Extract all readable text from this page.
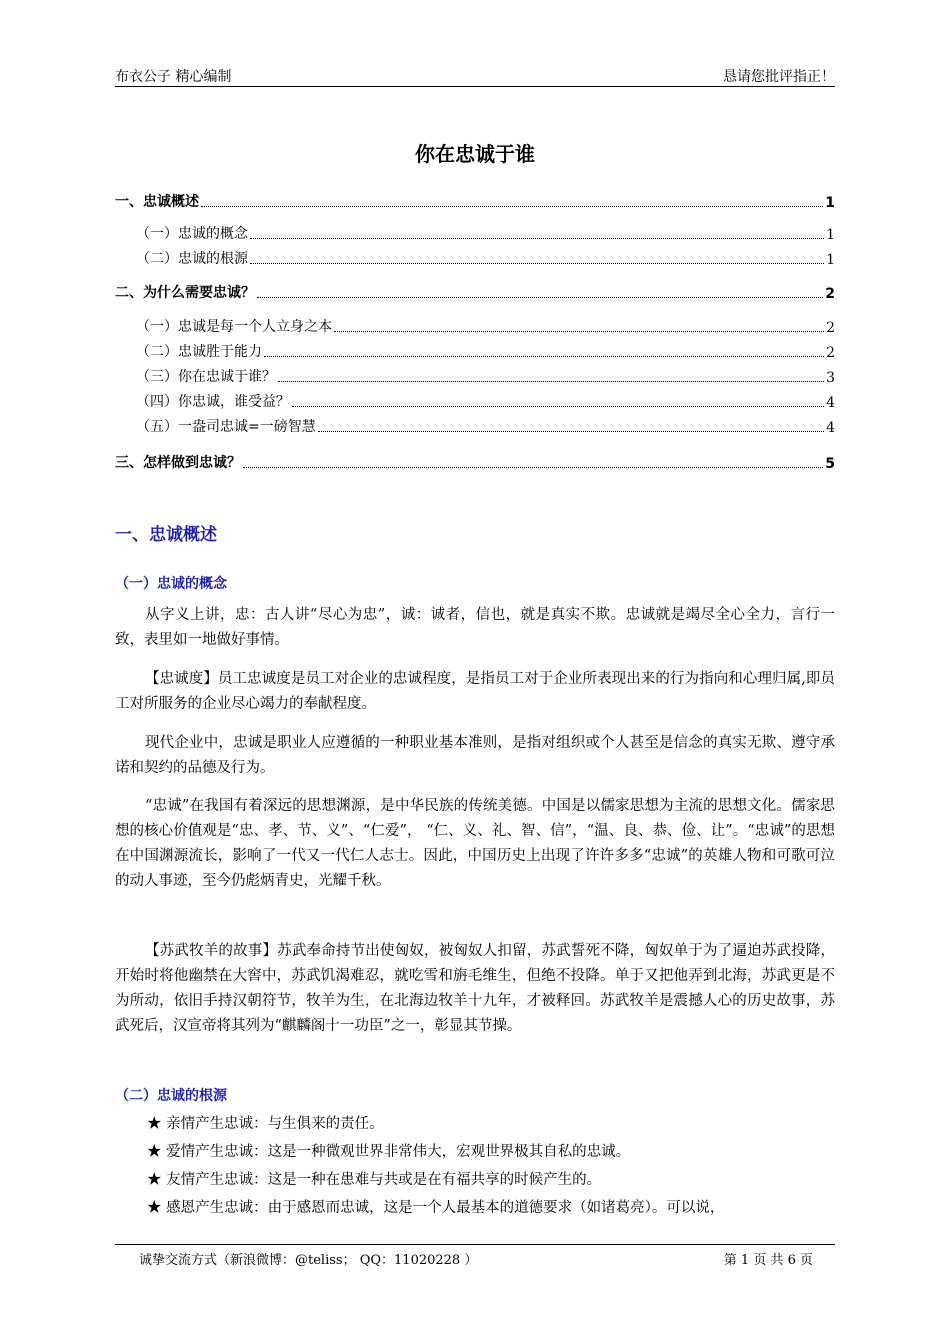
布衣公子 精心编制	恳请您批评指正！
你在忠诚于谁
一、忠诚概述	1
（一）忠诚的概念	1
（二）忠诚的根源	1
二、为什么需要忠诚？	2
（一）忠诚是每一个人立身之本	2
（二）忠诚胜于能力	2
（三）你在忠诚于谁？	3
（四）你忠诚，谁受益？	4
（五）一盎司忠诚=一磅智慧	4
三、怎样做到忠诚？	5
一、忠诚概述
（一）忠诚的概念
从字义上讲，忠：古人讲“尽心为忠”，诚：诚者，信也，就是真实不欺。忠诚就是竭尽全心全力，言行一致，表里如一地做好事情。
【忠诚度】员工忠诚度是员工对企业的忠诚程度，是指员工对于企业所表现出来的行为指向和心理归属,即员工对所服务的企业尽心竭力的奉献程度。
现代企业中，忠诚是职业人应遵循的一种职业基本准则，是指对组织或个人甚至是信念的真实无欺、遵守承诺和契约的品德及行为。
“忠诚”在我国有着深远的思想渊源，是中华民族的传统美德。中国是以儒家思想为主流的思想文化。儒家思想的核心价值观是“忠、孝、节、义”、“仁爱”， “仁、义、礼、智、信”，“温、良、恭、俭、让”。“忠诚”的思想在中国渊源流长，影响了一代又一代仁人志士。因此，中国历史上出现了许许多多“忠诚”的英雄人物和可歌可泣的动人事迹，至今仍彪炳青史，光耀千秋。
【苏武牧羊的故事】苏武奉命持节出使匈奴，被匈奴人扣留，苏武誓死不降，匈奴单于为了逼迫苏武投降，开始时将他幽禁在大窖中，苏武饥渴难忍，就吃雪和旃毛维生，但绝不投降。单于又把他弄到北海，苏武更是不为所动，依旧手持汉朝符节，牧羊为生，在北海边牧羊十九年，才被释回。苏武牧羊是震撼人心的历史故事，苏武死后，汉宣帝将其列为“麒麟阁十一功臣”之一，彰显其节操。
（二）忠诚的根源
★ 亲情产生忠诚：与生俱来的责任。
★ 爱情产生忠诚：这是一种微观世界非常伟大，宏观世界极其自私的忠诚。
★ 友情产生忠诚：这是一种在患难与共或是在有福共享的时候产生的。
★ 感恩产生忠诚：由于感恩而忠诚，这是一个人最基本的道德要求（如诸葛亮）。可以说，
诚挚交流方式（新浪微博：@teliss； QQ：11020228 ）	第 1 页 共 6 页
